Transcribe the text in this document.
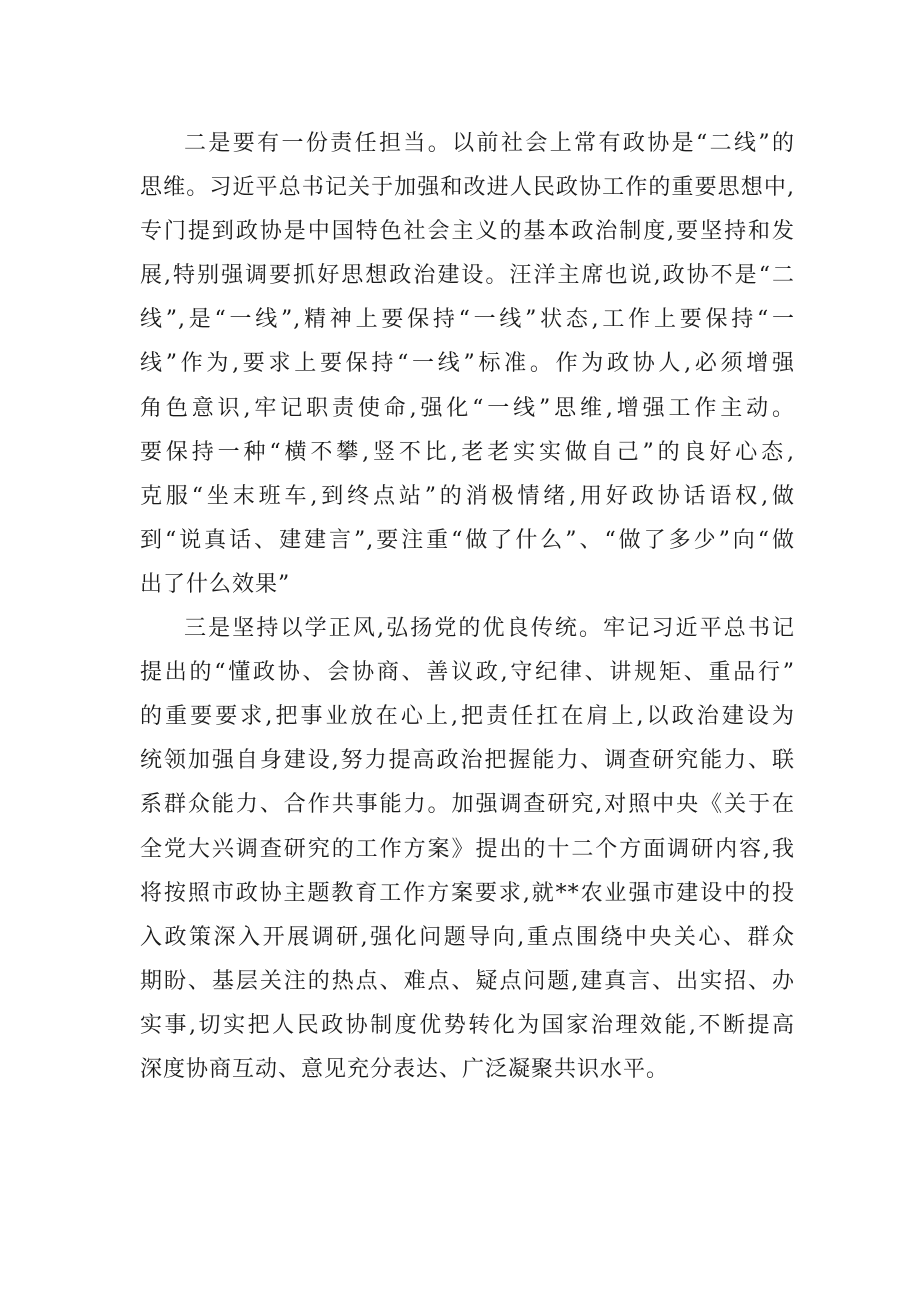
二是要有一份责任担当。以前社会上常有政协是“二线”的
思维。习近平总书记关于加强和改进人民政协工作的重要思想中,
专门提到政协是中国特色社会主义的基本政治制度,要坚持和发
展,特别强调要抓好思想政治建设。汪洋主席也说,政协不是“二
线”,是“一线”,精神上要保持“一线”状态,工作上要保持“一
线”作为,要求上要保持“一线”标准。作为政协人,必须增强
角色意识,牢记职责使命,强化“一线”思维,增强工作主动。
要保持一种“横不攀,竖不比,老老实实做自己”的良好心态,
克服“坐末班车,到终点站”的消极情绪,用好政协话语权,做
到“说真话、建建言”,要注重“做了什么”、“做了多少”向“做
出了什么效果”
三是坚持以学正风,弘扬党的优良传统。牢记习近平总书记
提出的“懂政协、会协商、善议政,守纪律、讲规矩、重品行”
的重要要求,把事业放在心上,把责任扛在肩上,以政治建设为
统领加强自身建设,努力提高政治把握能力、调查研究能力、联
系群众能力、合作共事能力。加强调查研究,对照中央《关于在
全党大兴调查研究的工作方案》提出的十二个方面调研内容,我
将按照市政协主题教育工作方案要求,就**农业强市建设中的投
入政策深入开展调研,强化问题导向,重点围绕中央关心、群众
期盼、基层关注的热点、难点、疑点问题,建真言、出实招、办
实事,切实把人民政协制度优势转化为国家治理效能,不断提高
深度协商互动、意见充分表达、广泛凝聚共识水平。
